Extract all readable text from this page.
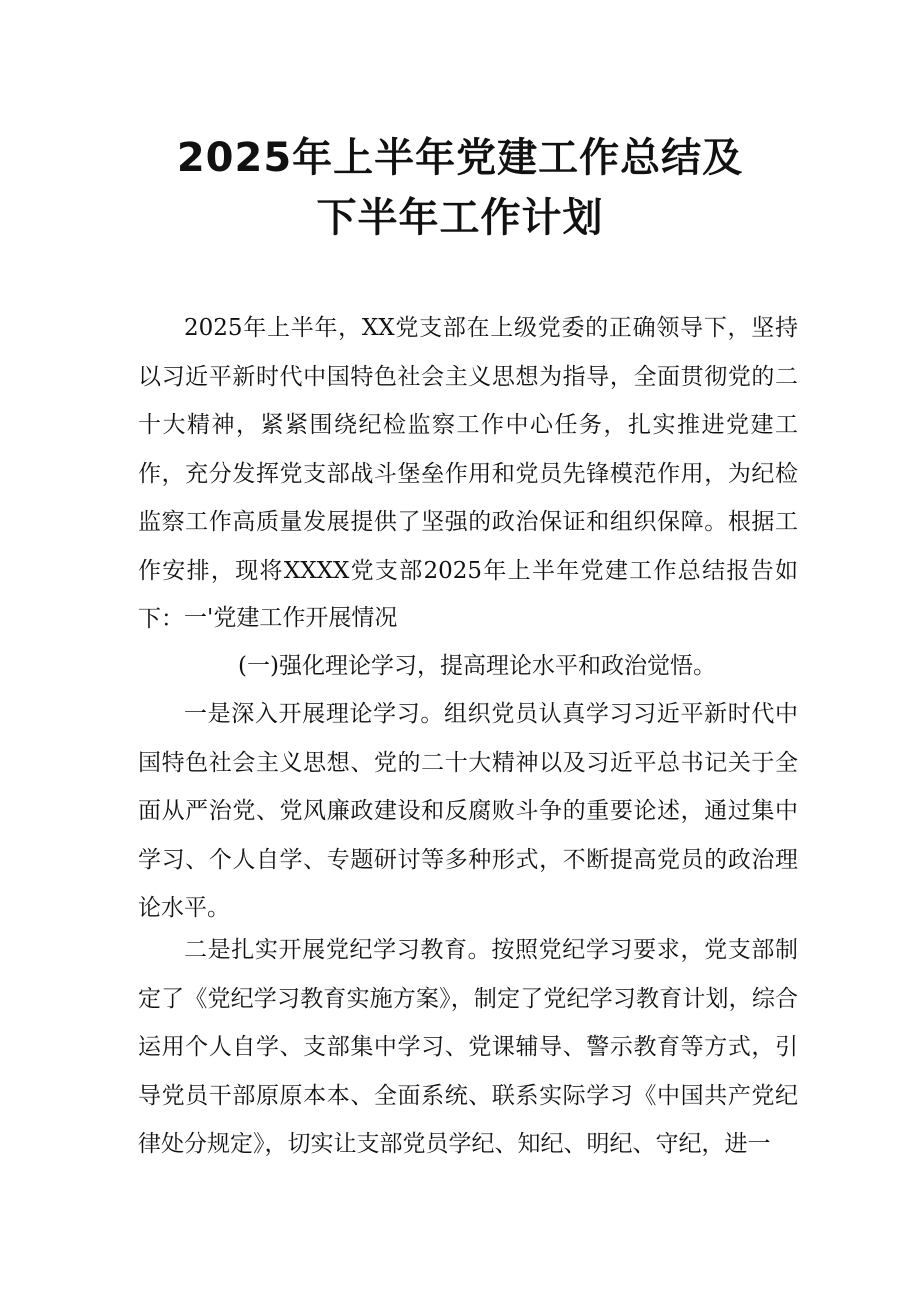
2025年上半年党建工作总结及
下半年工作计划

2025年上半年，XX党支部在上级党委的正确领导下，坚持以习近平新时代中国特色社会主义思想为指导，全面贯彻党的二十大精神，紧紧围绕纪检监察工作中心任务，扎实推进党建工作，充分发挥党支部战斗堡垒作用和党员先锋模范作用，为纪检监察工作高质量发展提供了坚强的政治保证和组织保障。根据工作安排，现将XXXX党支部2025年上半年党建工作总结报告如下： 一'党建工作开展情况

(一)强化理论学习，提高理论水平和政治觉悟。

一是深入开展理论学习。组织党员认真学习习近平新时代中国特色社会主义思想、党的二十大精神以及习近平总书记关于全面从严治党、党风廉政建设和反腐败斗争的重要论述，通过集中学习、个人自学、专题研讨等多种形式，不断提高党员的政治理论水平。

二是扎实开展党纪学习教育。按照党纪学习要求，党支部制定了《党纪学习教育实施方案》，制定了党纪学习教育计划，综合运用个人自学、支部集中学习、党课辅导、警示教育等方式，引导党员干部原原本本、全面系统、联系实际学习《中国共产党纪律处分规定》，切实让支部党员学纪、知纪、明纪、守纪，进一
